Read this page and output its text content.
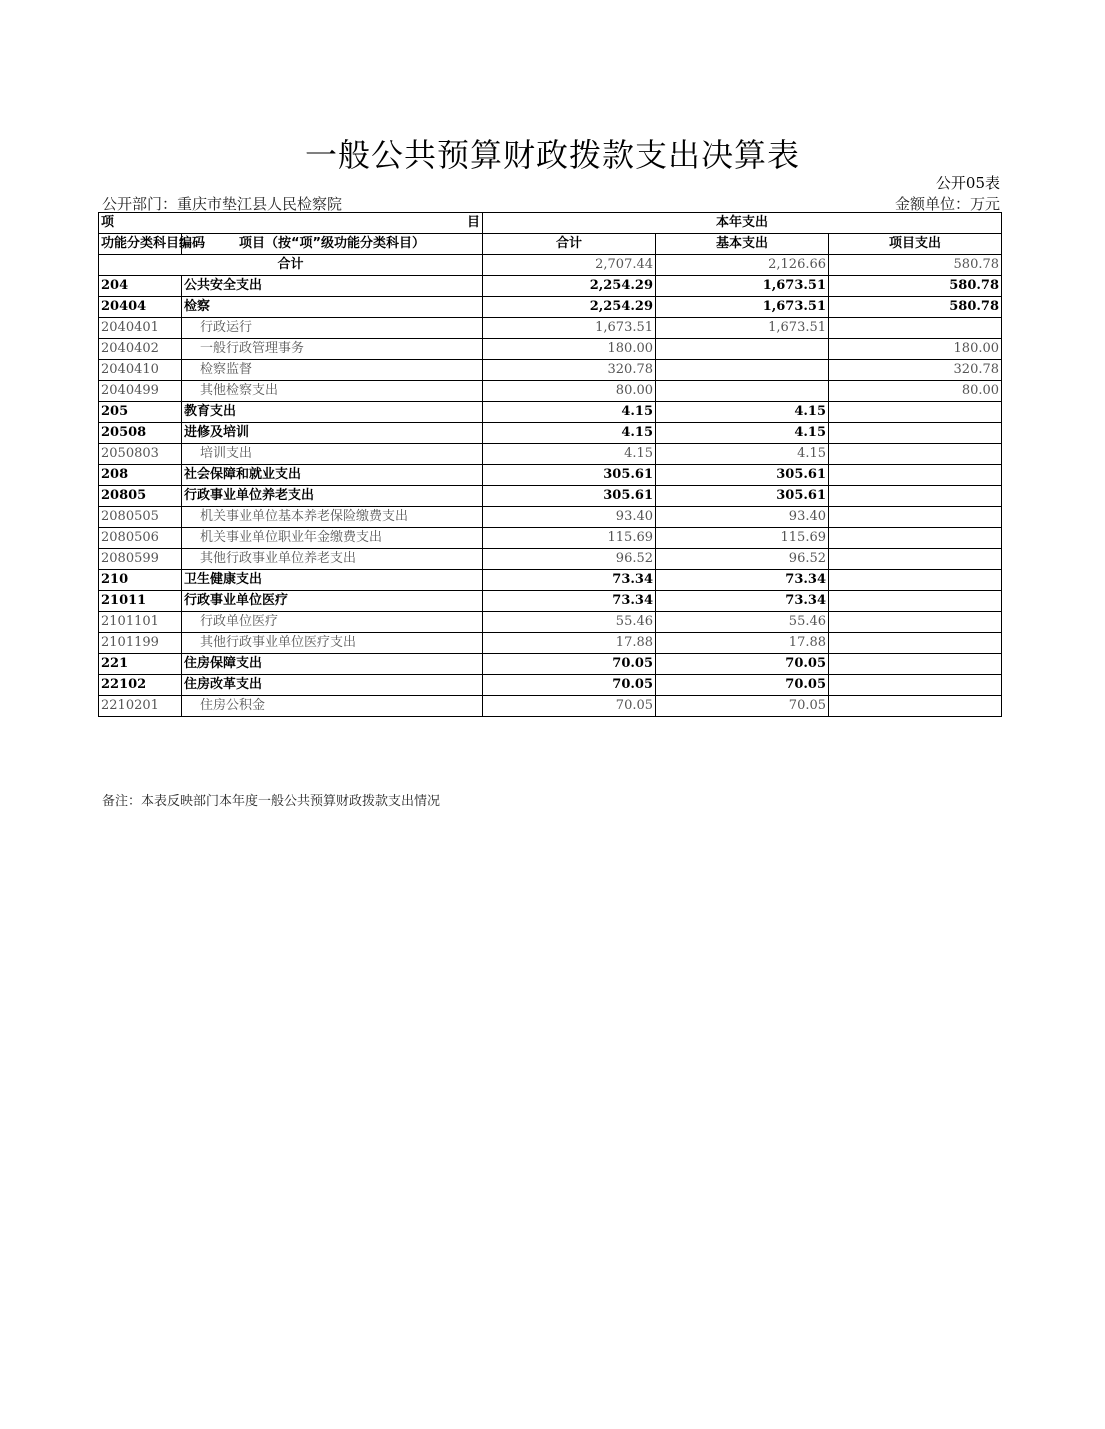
一般公共预算财政拨款支出决算表
公开05表
公开部门：重庆市垫江县人民检察院	金额单位：万元
项 目		本年支出		
功能分类科目编码	项目（按“项”级功能分类科目）	合计	基本支出	项目支出
合计		2,707.44	2,126.66	580.78
204	公共安全支出	2,254.29	1,673.51	580.78
20404	检察	2,254.29	1,673.51	580.78
2040401	行政运行	1,673.51	1,673.51	
2040402	一般行政管理事务	180.00		180.00
2040410	检察监督	320.78		320.78
2040499	其他检察支出	80.00		80.00
205	教育支出	4.15	4.15	
20508	进修及培训	4.15	4.15	
2050803	培训支出	4.15	4.15	
208	社会保障和就业支出	305.61	305.61	
20805	行政事业单位养老支出	305.61	305.61	
2080505	机关事业单位基本养老保险缴费支出	93.40	93.40	
2080506	机关事业单位职业年金缴费支出	115.69	115.69	
2080599	其他行政事业单位养老支出	96.52	96.52	
210	卫生健康支出	73.34	73.34	
21011	行政事业单位医疗	73.34	73.34	
2101101	行政单位医疗	55.46	55.46	
2101199	其他行政事业单位医疗支出	17.88	17.88	
221	住房保障支出	70.05	70.05	
22102	住房改革支出	70.05	70.05	
2210201	住房公积金	70.05	70.05	
备注：本表反映部门本年度一般公共预算财政拨款支出情况
